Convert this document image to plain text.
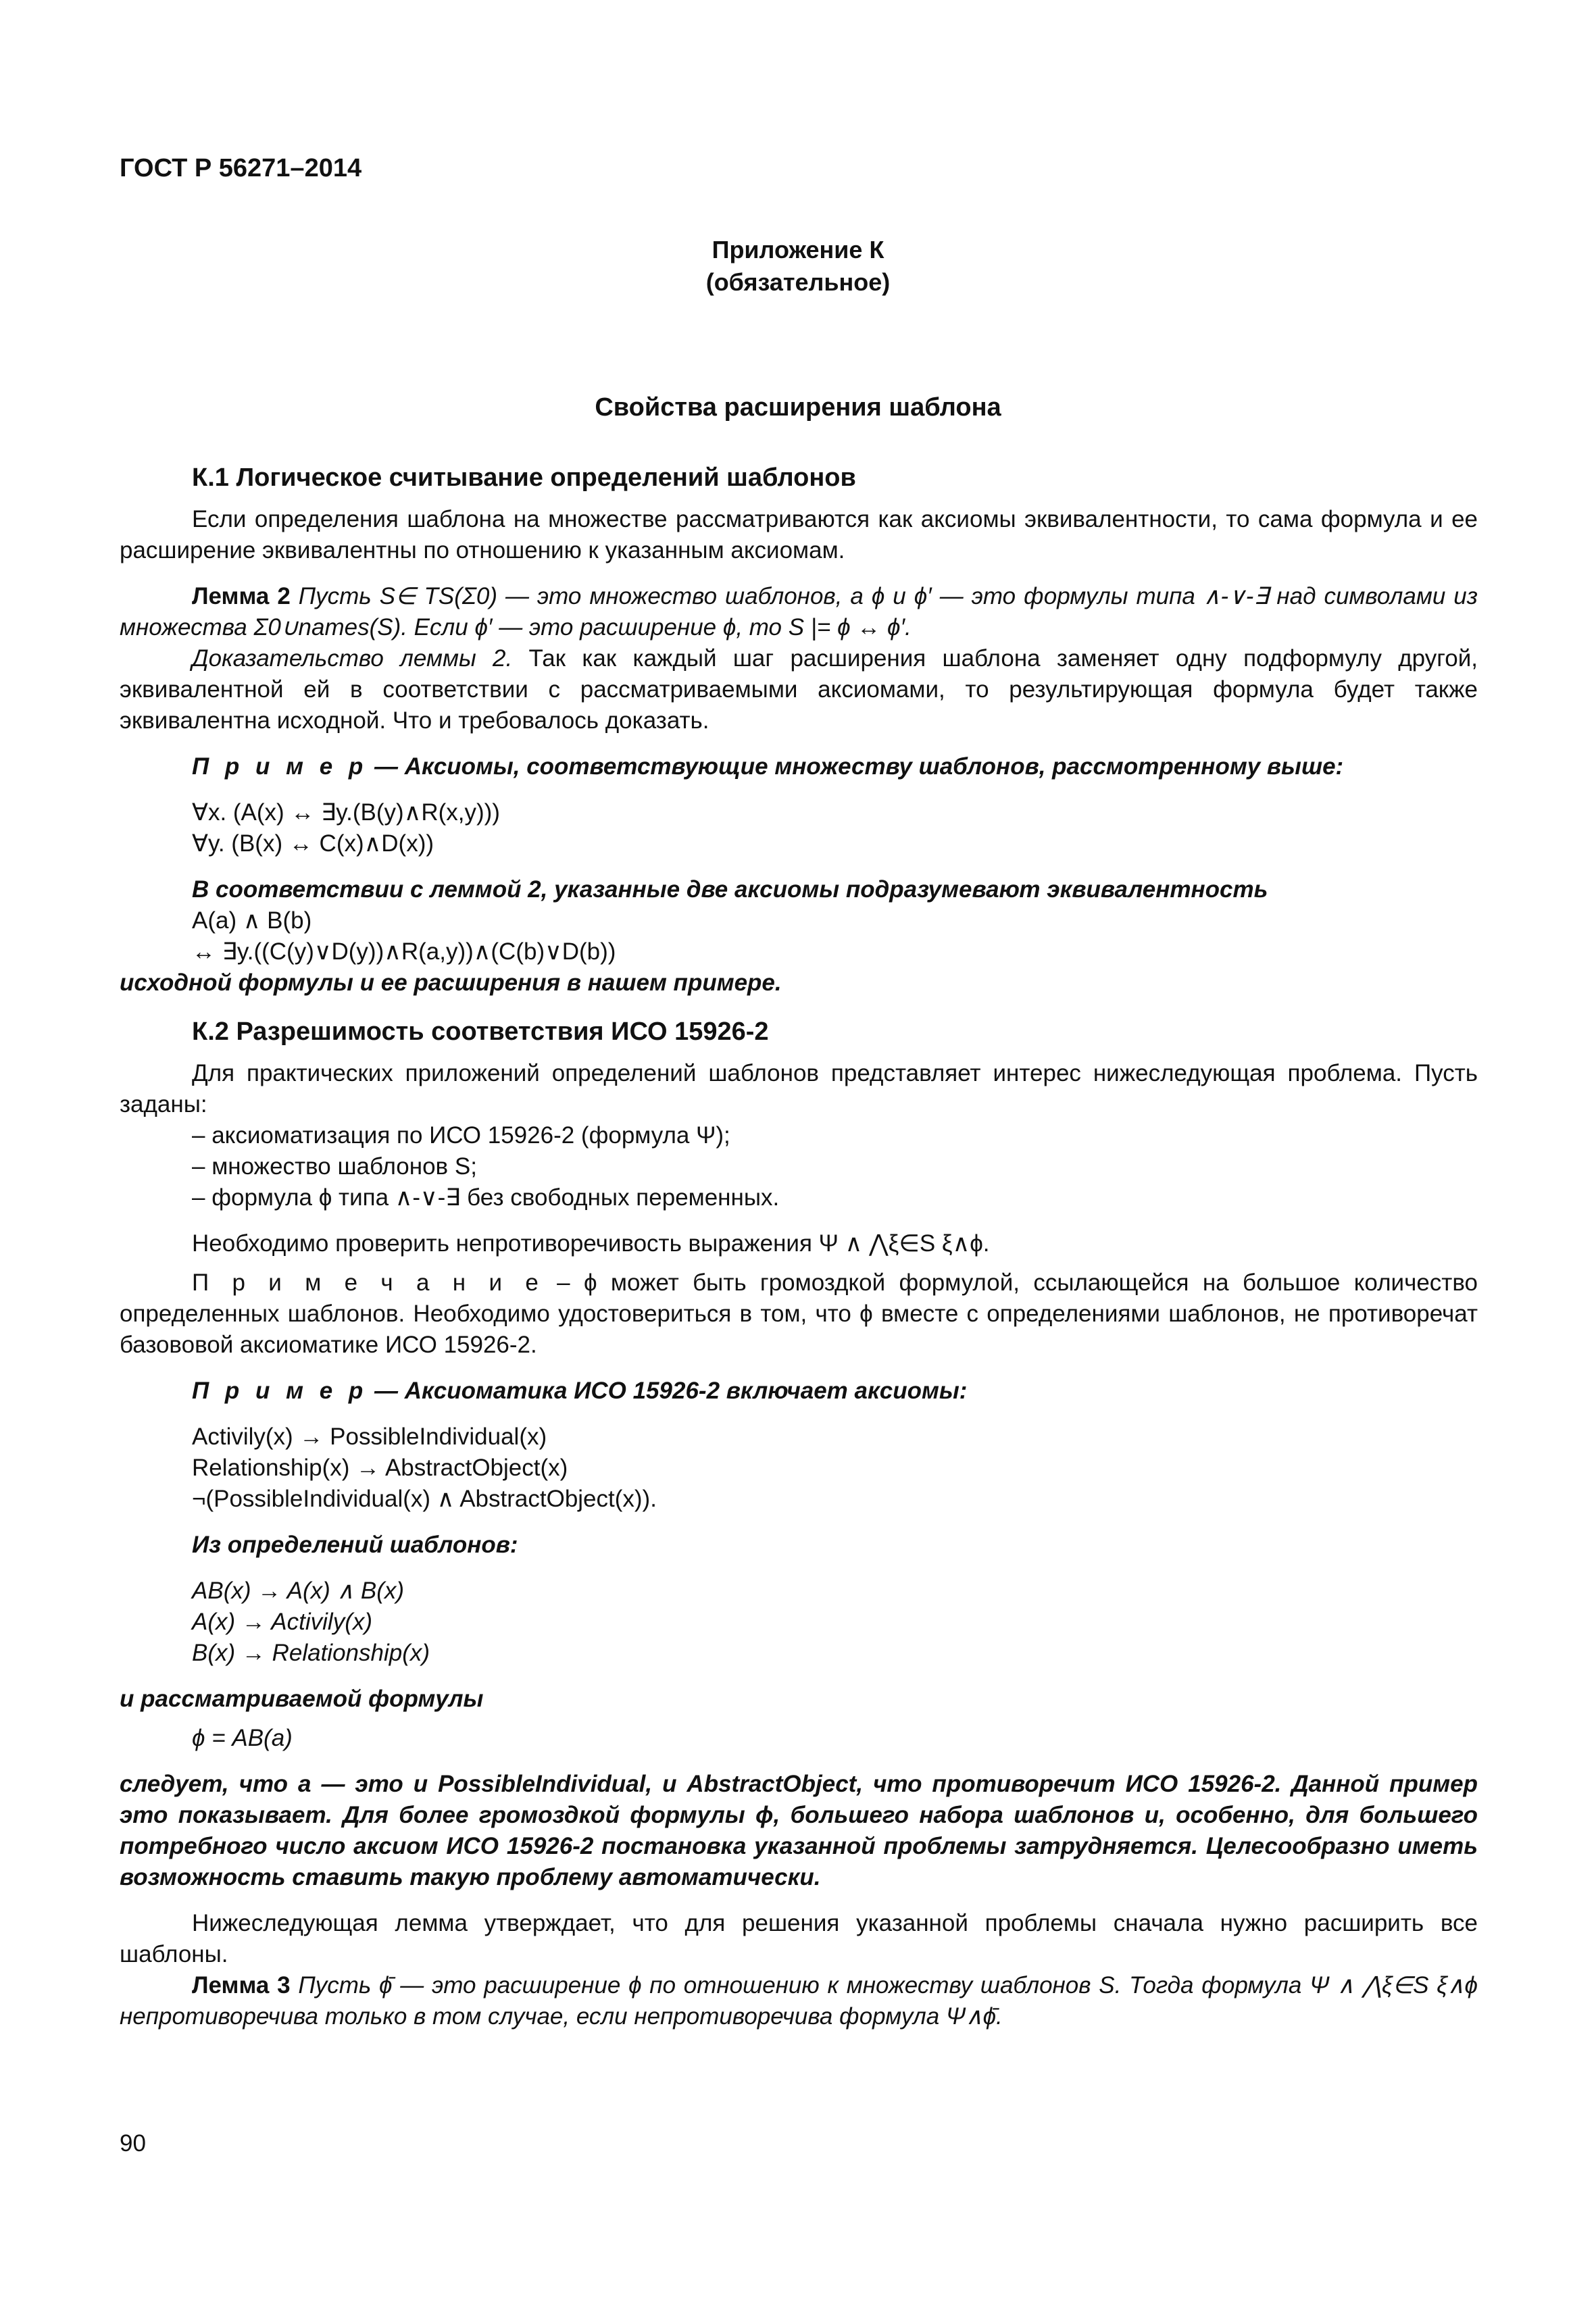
ГОСТ Р 56271–2014
Приложение К
(обязательное)
Свойства расширения шаблона
К.1 Логическое считывание определений шаблонов

Если определения шаблона на множестве рассматриваются как аксиомы эквивалентности, то сама формула и ее расширение эквивалентны по отношению к указанным аксиомам.

Лемма 2 Пусть S∈ TS(Σ0) — это множество шаблонов, а ϕ и ϕ′ — это формулы типа ∧-∨-∃ над символами из множества Σ0∪names(S). Если ϕ′ — это расширение ϕ, то S |= ϕ ↔ ϕ′.

Доказательство леммы 2. Так как каждый шаг расширения шаблона заменяет одну подформулу другой, эквивалентной ей в соответствии с рассматриваемыми аксиомами, то результирующая формула будет также эквивалентна исходной. Что и требовалось доказать.

П р и м е р — Аксиомы, соответствующие множеству шаблонов, рассмотренному выше:

∀x. (A(x) ↔ ∃y.(B(y)∧R(x,y)))

∀y. (B(x) ↔ C(x)∧D(x))

В соответствии с леммой 2, указанные две аксиомы подразумевают эквивалентность

A(a) ∧ B(b)

↔ ∃y.((C(y)∨D(y))∧R(a,y))∧(C(b)∨D(b))

исходной формулы и ее расширения в нашем примере.

К.2 Разрешимость соответствия ИСО 15926-2

Для практических приложений определений шаблонов представляет интерес нижеследующая проблема. Пусть заданы:

– аксиоматизация по ИСО 15926-2 (формула Ψ);

– множество шаблонов S;

– формула ϕ типа ∧-∨-∃ без свободных переменных.

Необходимо проверить непротиворечивость выражения Ψ ∧ ⋀ξ∈S ξ∧ϕ.

П р и м е ч а н и е – ϕ может быть громоздкой формулой, ссылающейся на большое количество определенных шаблонов. Необходимо удостовериться в том, что ϕ вместе с определениями шаблонов, не противоречат базововой аксиоматике ИСО 15926-2.

П р и м е р — Аксиоматика ИСО 15926-2 включает аксиомы:

Activily(x) → PossibleIndividual(x)

Relationship(x) → AbstractObject(x)

¬(PossibleIndividual(x) ∧ AbstractObject(x)).

Из определений шаблонов:

AB(x) → A(x) ∧ B(x)

A(x) → Activily(x)

B(x) → Relationship(x)

и рассматриваемой формулы

ϕ = AB(a)

следует, что a — это и PossibleIndividual, и AbstractObject, что противоречит ИСО 15926-2. Данной пример это показывает. Для более громоздкой формулы ϕ, большего набора шаблонов и, особенно, для большего потребного число аксиом ИСО 15926-2 постановка указанной проблемы затрудняется. Целесообразно иметь возможность ставить такую проблему автоматически.

Нижеследующая лемма утверждает, что для решения указанной проблемы сначала нужно расширить все шаблоны.

Лемма 3 Пусть ϕ̄ — это расширение ϕ по отношению к множеству шаблонов S. Тогда формула Ψ ∧ ⋀ξ∈S ξ∧ϕ непротиворечива только в том случае, если непротиворечива формула Ψ∧ϕ̄.

90
